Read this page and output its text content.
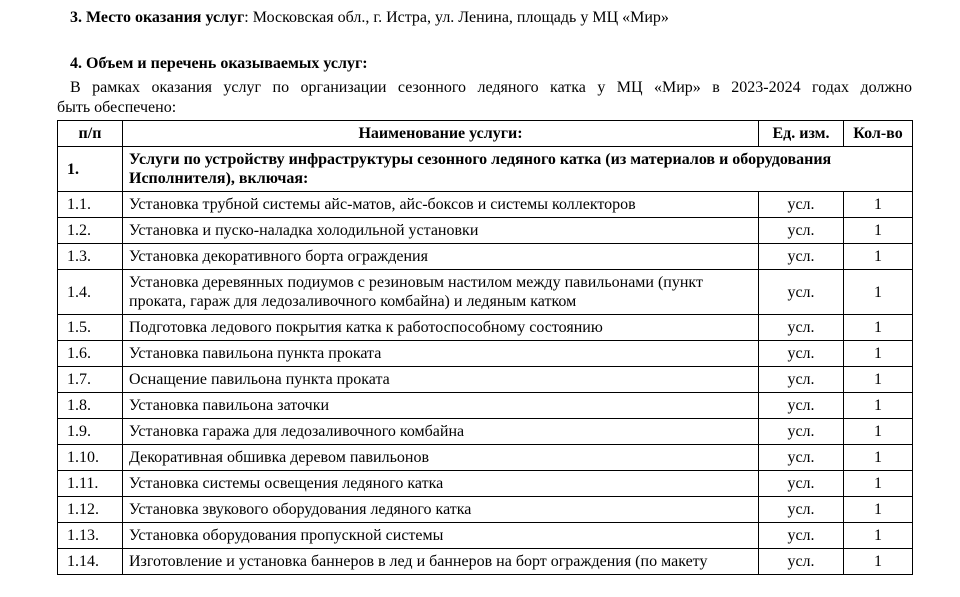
3. Место оказания услуг: Московская обл., г. Истра, ул. Ленина, площадь у МЦ «Мир»

4. Объем и перечень оказываемых услуг:

В рамках оказания услуг по организации сезонного ледяного катка у МЦ «Мир» в 2023-2024 годах должно
быть обеспечено:
п/п	Наименование услуги:	Ед. изм.	Кол-во
1.	Услуги по устройству инфраструктуры сезонного ледяного катка (из материалов и оборудования Исполнителя), включая:		
1.1.	Установка трубной системы айс-матов, айс-боксов и системы коллекторов	усл.	1
1.2.	Установка и пуско-наладка холодильной установки	усл.	1
1.3.	Установка декоративного борта ограждения	усл.	1
1.4.	Установка деревянных подиумов с резиновым настилом между павильонами (пункт проката, гараж для ледозаливочного комбайна) и ледяным катком	усл.	1
1.5.	Подготовка ледового покрытия катка к работоспособному состоянию	усл.	1
1.6.	Установка павильона пункта проката	усл.	1
1.7.	Оснащение павильона пункта проката	усл.	1
1.8.	Установка павильона заточки	усл.	1
1.9.	Установка гаража для ледозаливочного комбайна	усл.	1
1.10.	Декоративная обшивка деревом павильонов	усл.	1
1.11.	Установка системы освещения ледяного катка	усл.	1
1.12.	Установка звукового оборудования ледяного катка	усл.	1
1.13.	Установка оборудования пропускной системы	усл.	1
1.14.	Изготовление и установка баннеров в лед и баннеров на борт ограждения (по макету	усл.	1
